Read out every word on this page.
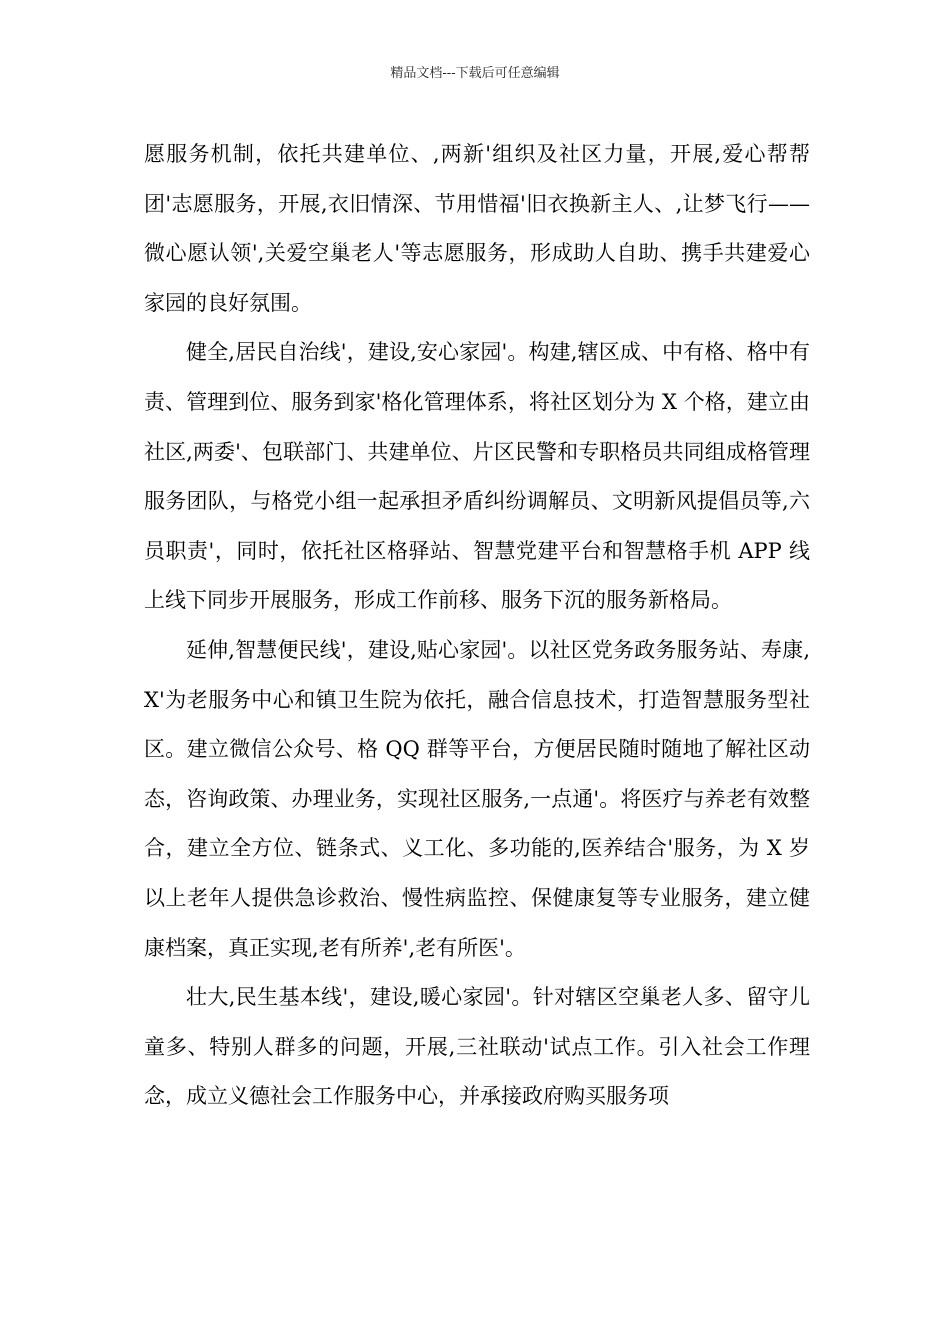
精品文档---下载后可任意编辑

愿服务机制，依托共建单位、,两新'组织及社区力量，开展,爱心帮帮团'志愿服务，开展,衣旧情深、节用惜福'旧衣换新主人、,让梦飞行——微心愿认领',关爱空巢老人'等志愿服务，形成助人自助、携手共建爱心家园的良好氛围。

健全,居民自治线'，建设,安心家园'。构建,辖区成、中有格、格中有责、管理到位、服务到家'格化管理体系，将社区划分为 X 个格，建立由社区,两委'、包联部门、共建单位、片区民警和专职格员共同组成格管理服务团队，与格党小组一起承担矛盾纠纷调解员、文明新风提倡员等,六员职责'，同时，依托社区格驿站、智慧党建平台和智慧格手机 APP 线上线下同步开展服务，形成工作前移、服务下沉的服务新格局。

延伸,智慧便民线'，建设,贴心家园'。以社区党务政务服务站、寿康,X'为老服务中心和镇卫生院为依托，融合信息技术，打造智慧服务型社区。建立微信公众号、格 QQ 群等平台，方便居民随时随地了解社区动态，咨询政策、办理业务，实现社区服务,一点通'。将医疗与养老有效整合，建立全方位、链条式、义工化、多功能的,医养结合'服务，为 X 岁以上老年人提供急诊救治、慢性病监控、保健康复等专业服务，建立健康档案，真正实现,老有所养',老有所医'。

壮大,民生基本线'，建设,暖心家园'。针对辖区空巢老人多、留守儿童多、特别人群多的问题，开展,三社联动'试点工作。引入社会工作理念，成立义德社会工作服务中心，并承接政府购买服务项
